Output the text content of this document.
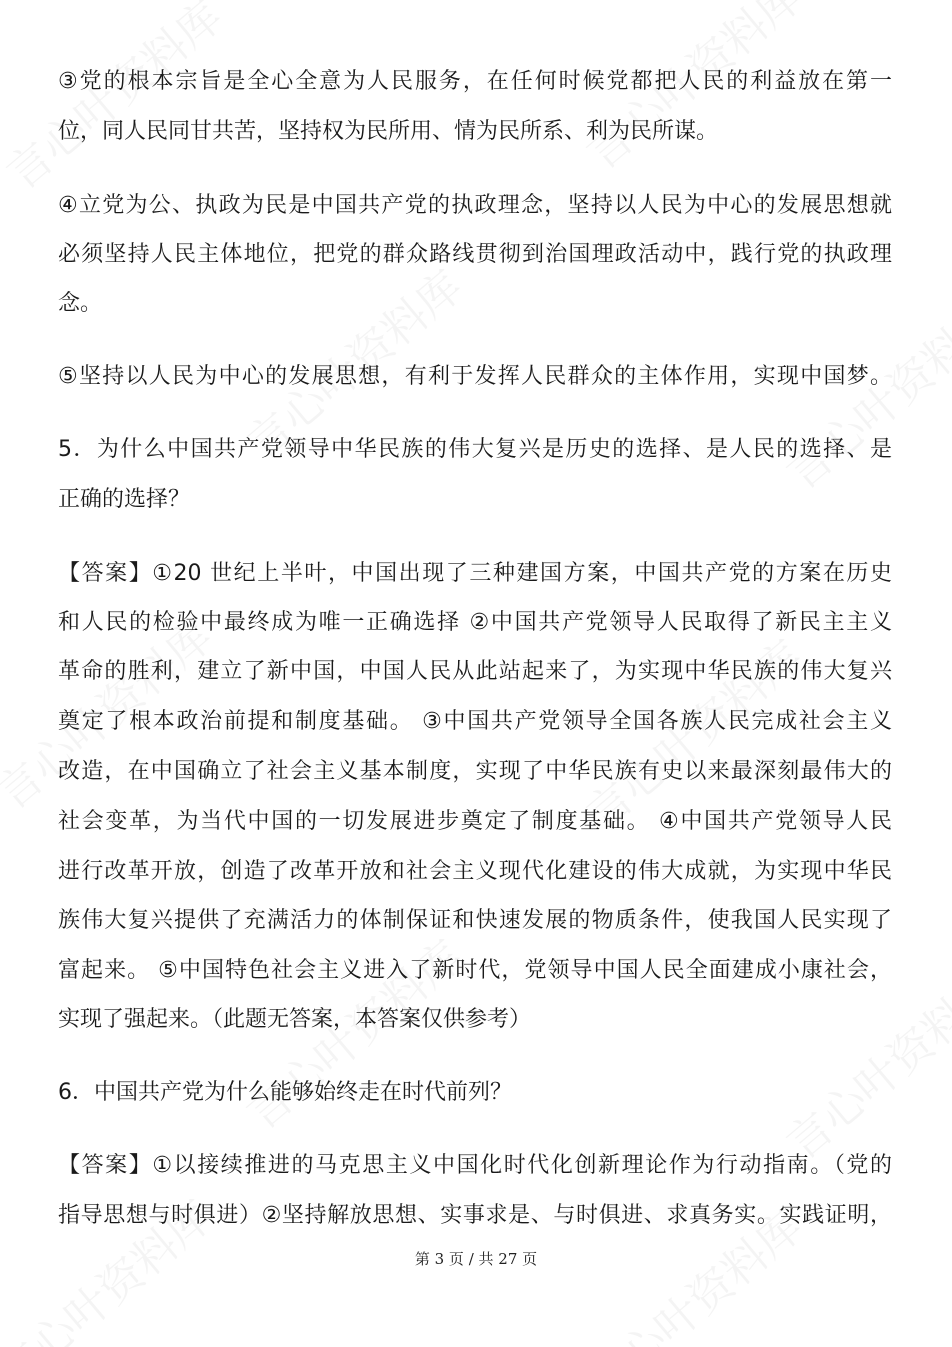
③党的根本宗旨是全心全意为人民服务，在任何时候党都把人民的利益放在第一
位，同人民同甘共苦，坚持权为民所用、情为民所系、利为民所谋。
④立党为公、执政为民是中国共产党的执政理念，坚持以人民为中心的发展思想就
必须坚持人民主体地位，把党的群众路线贯彻到治国理政活动中，践行党的执政理
念。
⑤坚持以人民为中心的发展思想，有利于发挥人民群众的主体作用，实现中国梦。
5．为什么中国共产党领导中华民族的伟大复兴是历史的选择、是人民的选择、是
正确的选择？
【答案】①20 世纪上半叶，中国出现了三种建国方案，中国共产党的方案在历史
和人民的检验中最终成为唯一正确选择 ②中国共产党领导人民取得了新民主主义
革命的胜利，建立了新中国，中国人民从此站起来了，为实现中华民族的伟大复兴
奠定了根本政治前提和制度基础。 ③中国共产党领导全国各族人民完成社会主义
改造，在中国确立了社会主义基本制度，实现了中华民族有史以来最深刻最伟大的
社会变革，为当代中国的一切发展进步奠定了制度基础。 ④中国共产党领导人民
进行改革开放，创造了改革开放和社会主义现代化建设的伟大成就，为实现中华民
族伟大复兴提供了充满活力的体制保证和快速发展的物质条件，使我国人民实现了
富起来。 ⑤中国特色社会主义进入了新时代，党领导中国人民全面建成小康社会，
实现了强起来。（此题无答案，本答案仅供参考）
6．中国共产党为什么能够始终走在时代前列？
【答案】①以接续推进的马克思主义中国化时代化创新理论作为行动指南。（党的
指导思想与时俱进）②坚持解放思想、实事求是、与时俱进、求真务实。实践证明，
第 3 页 / 共 27 页
